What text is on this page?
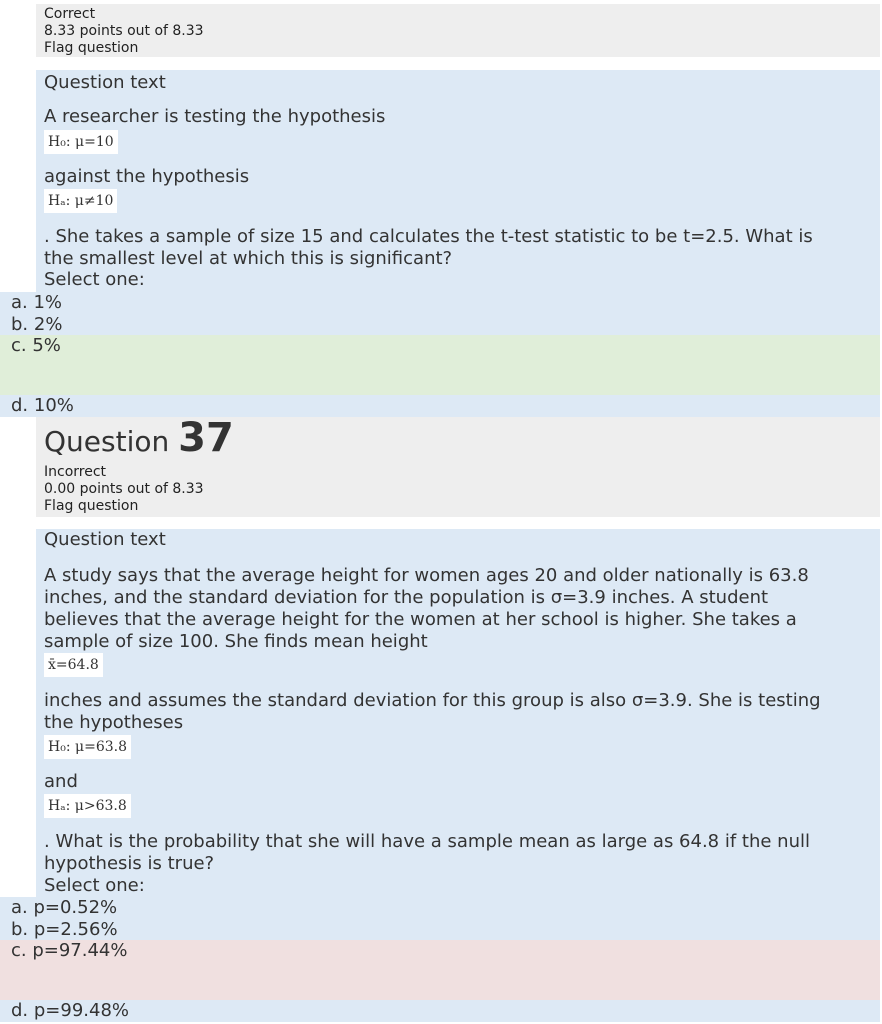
Correct
8.33 points out of 8.33
Flag question
Question text
A researcher is testing the hypothesis
H₀: μ=10
against the hypothesis
Hₐ: μ≠10
. She takes a sample of size 15 and calculates the t-test statistic to be t=2.5. What is
the smallest level at which this is significant?
Select one:
a. 1%
b. 2%
c. 5%
d. 10%
Question 37
Incorrect
0.00 points out of 8.33
Flag question
Question text
A study says that the average height for women ages 20 and older nationally is 63.8
inches, and the standard deviation for the population is σ=3.9 inches. A student
believes that the average height for the women at her school is higher. She takes a
sample of size 100. She finds mean height
x̄=64.8
inches and assumes the standard deviation for this group is also σ=3.9. She is testing
the hypotheses
H₀: μ=63.8
and
Hₐ: μ>63.8
. What is the probability that she will have a sample mean as large as 64.8 if the null
hypothesis is true?
Select one:
a. p=0.52%
b. p=2.56%
c. p=97.44%
d. p=99.48%
